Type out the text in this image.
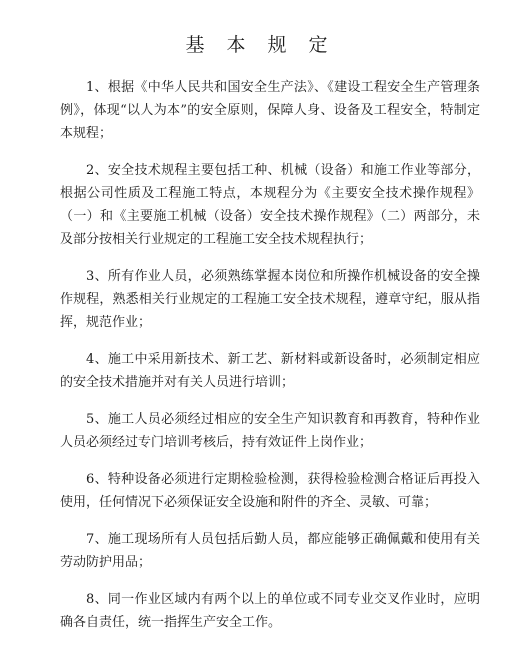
基 本 规 定

1、根据《中华人民共和国安全生产法》、《建设工程安全生产管理条例》，体现“以人为本”的安全原则，保障人身、设备及工程安全，特制定本规程；

2、安全技术规程主要包括工种、机械（设备）和施工作业等部分，根据公司性质及工程施工特点，本规程分为《主要安全技术操作规程》（一）和《主要施工机械（设备）安全技术操作规程》（二）两部分，未及部分按相关行业规定的工程施工安全技术规程执行；

3、所有作业人员，必须熟练掌握本岗位和所操作机械设备的安全操作规程，熟悉相关行业规定的工程施工安全技术规程，遵章守纪，服从指挥，规范作业；

4、施工中采用新技术、新工艺、新材料或新设备时，必须制定相应的安全技术措施并对有关人员进行培训；

5、施工人员必须经过相应的安全生产知识教育和再教育，特种作业人员必须经过专门培训考核后，持有效证件上岗作业；

6、特种设备必须进行定期检验检测，获得检验检测合格证后再投入使用，任何情况下必须保证安全设施和附件的齐全、灵敏、可靠；

7、施工现场所有人员包括后勤人员，都应能够正确佩戴和使用有关劳动防护用品；

8、同一作业区域内有两个以上的单位或不同专业交叉作业时，应明确各自责任，统一指挥生产安全工作。
